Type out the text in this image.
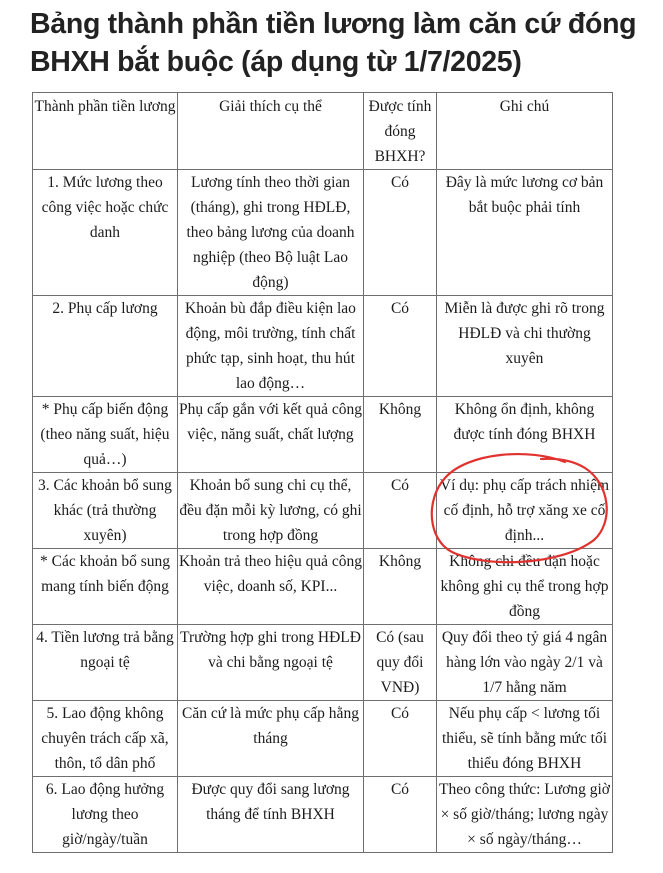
Bảng thành phần tiền lương làm căn cứ đóng BHXH bắt buộc (áp dụng từ 1/7/2025)
Thành phần tiền lương	Giải thích cụ thể	Được tính đóng BHXH?	Ghi chú
1. Mức lương theo công việc hoặc chức danh	Lương tính theo thời gian (tháng), ghi trong HĐLĐ, theo bảng lương của doanh nghiệp (theo Bộ luật Lao động)	Có	Đây là mức lương cơ bản bắt buộc phải tính
2. Phụ cấp lương	Khoản bù đắp điều kiện lao động, môi trường, tính chất phức tạp, sinh hoạt, thu hút lao động…	Có	Miễn là được ghi rõ trong HĐLĐ và chi thường xuyên
* Phụ cấp biến động (theo năng suất, hiệu quả…)	Phụ cấp gắn với kết quả công việc, năng suất, chất lượng	Không	Không ổn định, không được tính đóng BHXH
3. Các khoản bổ sung khác (trả thường xuyên)	Khoản bổ sung chi cụ thể, đều đặn mỗi kỳ lương, có ghi trong hợp đồng	Có	Ví dụ: phụ cấp trách nhiệm cố định, hỗ trợ xăng xe cố định...
* Các khoản bổ sung mang tính biến động	Khoản trả theo hiệu quả công việc, doanh số, KPI...	Không	Không chi đều đặn hoặc không ghi cụ thể trong hợp đồng
4. Tiền lương trả bằng ngoại tệ	Trường hợp ghi trong HĐLĐ và chi bằng ngoại tệ	Có (sau quy đổi VNĐ)	Quy đổi theo tỷ giá 4 ngân hàng lớn vào ngày 2/1 và 1/7 hằng năm
5. Lao động không chuyên trách cấp xã, thôn, tổ dân phố	Căn cứ là mức phụ cấp hằng tháng	Có	Nếu phụ cấp < lương tối thiểu, sẽ tính bằng mức tối thiểu đóng BHXH
6. Lao động hưởng lương theo giờ/ngày/tuần	Được quy đổi sang lương tháng để tính BHXH	Có	Theo công thức: Lương giờ × số giờ/tháng; lương ngày × số ngày/tháng…
